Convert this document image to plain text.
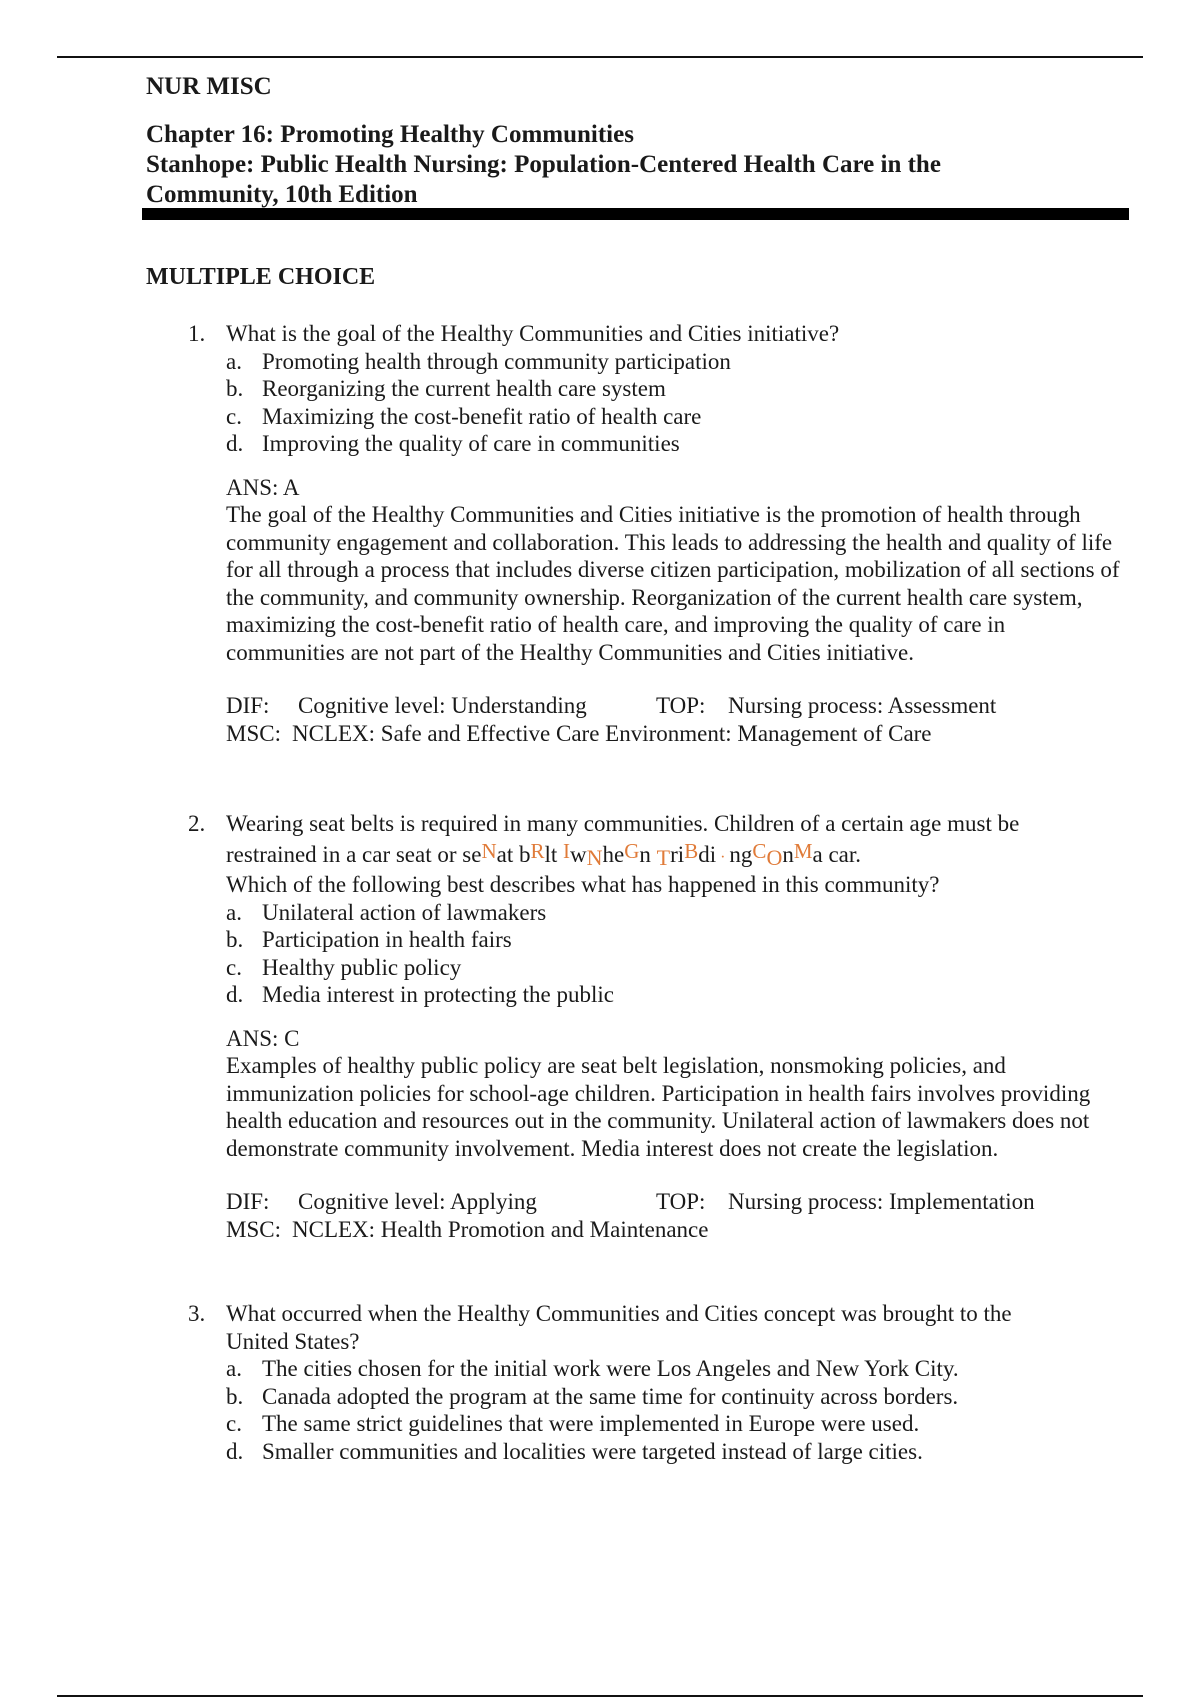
NUR MISC
Chapter 16: Promoting Healthy Communities
Stanhope: Public Health Nursing: Population-Centered Health Care in the
Community, 10th Edition
MULTIPLE CHOICE
1. What is the goal of the Healthy Communities and Cities initiative?
a. Promoting health through community participation
b. Reorganizing the current health care system
c. Maximizing the cost-benefit ratio of health care
d. Improving the quality of care in communities
ANS: A
The goal of the Healthy Communities and Cities initiative is the promotion of health through community engagement and collaboration. This leads to addressing the health and quality of life for all through a process that includes diverse citizen participation, mobilization of all sections of the community, and community ownership. Reorganization of the current health care system, maximizing the cost-benefit ratio of health care, and improving the quality of care in communities are not part of the Healthy Communities and Cities initiative.
DIF:	Cognitive level: Understanding	TOP: Nursing process: Assessment
MSC: NCLEX: Safe and Effective Care Environment: Management of Care
2. Wearing seat belts is required in many communities. Children of a certain age must be
restrained in a car seat or seNat bRlt IwNheGn TriBdi · ngCOnMa car.
Which of the following best describes what has happened in this community?
a. Unilateral action of lawmakers
b. Participation in health fairs
c. Healthy public policy
d. Media interest in protecting the public
ANS: C
Examples of healthy public policy are seat belt legislation, nonsmoking policies, and immunization policies for school-age children. Participation in health fairs involves providing health education and resources out in the community. Unilateral action of lawmakers does not demonstrate community involvement. Media interest does not create the legislation.
DIF:	Cognitive level: Applying	TOP: Nursing process: Implementation
MSC: NCLEX: Health Promotion and Maintenance
3. What occurred when the Healthy Communities and Cities concept was brought to the United States?
a. The cities chosen for the initial work were Los Angeles and New York City.
b. Canada adopted the program at the same time for continuity across borders.
c. The same strict guidelines that were implemented in Europe were used.
d. Smaller communities and localities were targeted instead of large cities.
